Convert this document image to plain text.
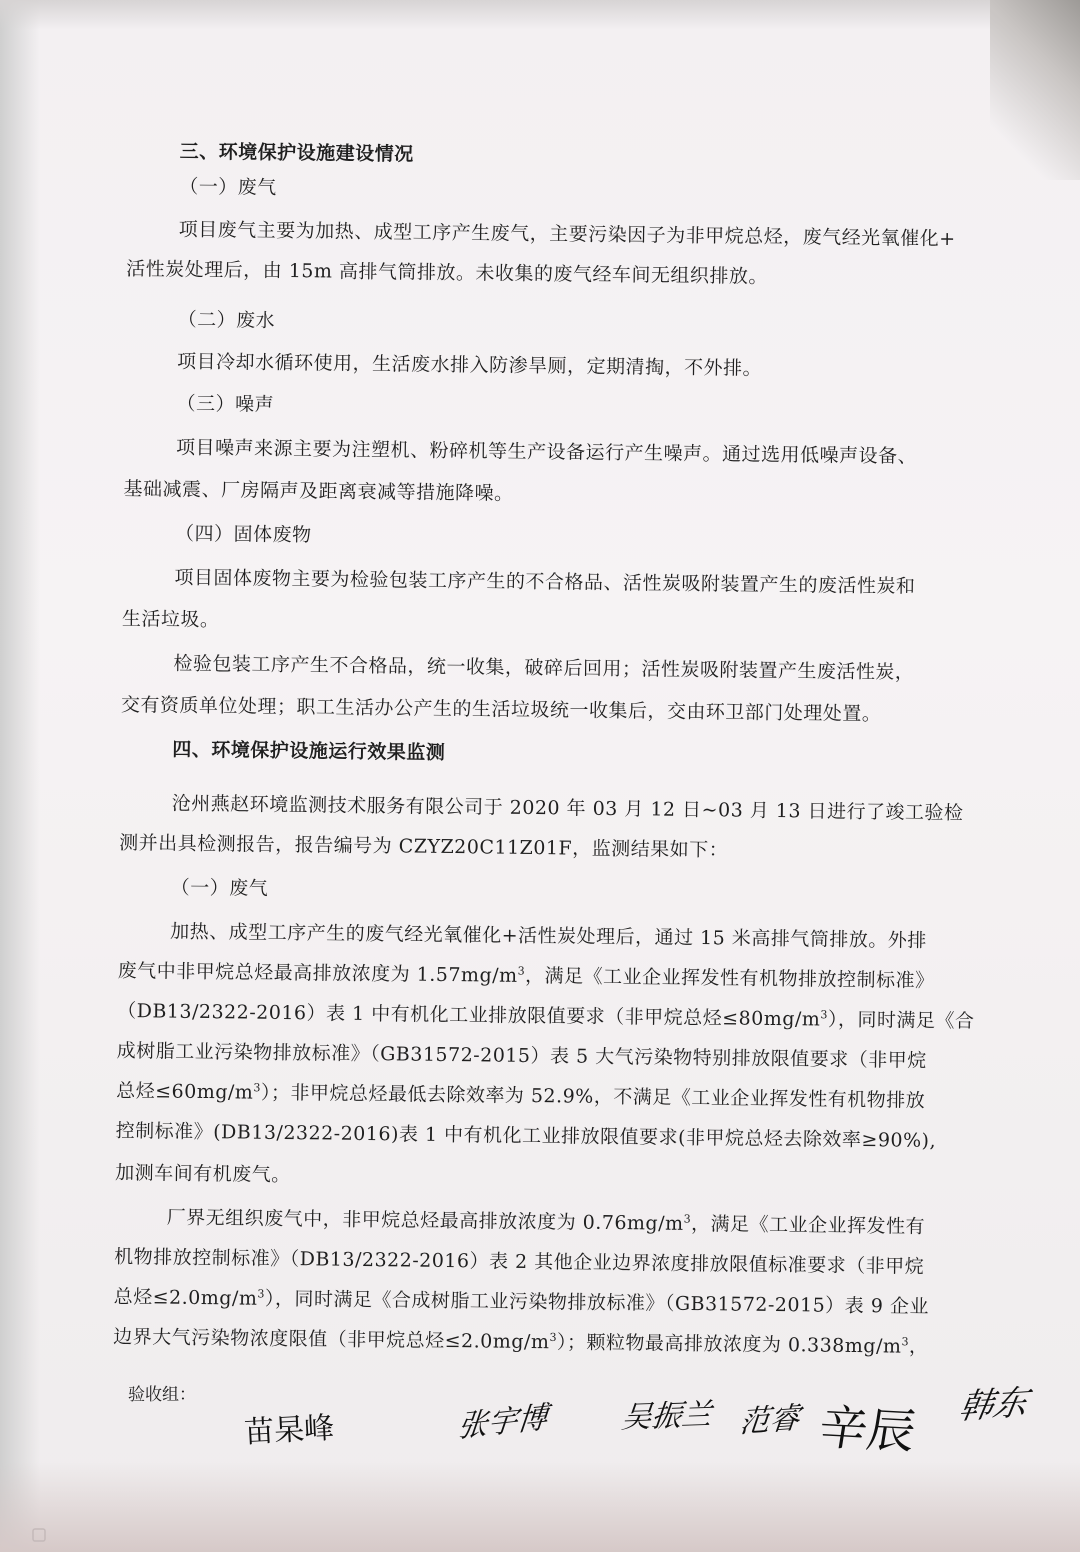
三、环境保护设施建设情况
（一）废气
项目废气主要为加热、成型工序产生废气，主要污染因子为非甲烷总烃，废气经光氧催化+
活性炭处理后，由 15m 高排气筒排放。未收集的废气经车间无组织排放。
（二）废水
项目冷却水循环使用，生活废水排入防渗旱厕，定期清掏，不外排。
（三）噪声
项目噪声来源主要为注塑机、粉碎机等生产设备运行产生噪声。通过选用低噪声设备、
基础减震、厂房隔声及距离衰减等措施降噪。
（四）固体废物
项目固体废物主要为检验包装工序产生的不合格品、活性炭吸附装置产生的废活性炭和
生活垃圾。
检验包装工序产生不合格品，统一收集，破碎后回用；活性炭吸附装置产生废活性炭，
交有资质单位处理；职工生活办公产生的生活垃圾统一收集后，交由环卫部门处理处置。
四、环境保护设施运行效果监测
沧州燕赵环境监测技术服务有限公司于 2020 年 03 月 12 日~03 月 13 日进行了竣工验检
测并出具检测报告，报告编号为 CZYZ20C11Z01F，监测结果如下：
（一）废气
加热、成型工序产生的废气经光氧催化+活性炭处理后，通过 15 米高排气筒排放。外排
废气中非甲烷总烃最高排放浓度为 $1.57mg/m^3$，满足《工业企业挥发性有机物排放控制标准》
（DB13/2322-2016）表 1 中有机化工业排放限值要求（非甲烷总烃$\le 80mg/m^3$），同时满足《合
成树脂工业污染物排放标准》（GB31572-2015）表 5 大气污染物特别排放限值要求（非甲烷
总烃$\le 60mg/m^3$）；非甲烷总烃最低去除效率为 52.9%，不满足《工业企业挥发性有机物排放
控制标准》(DB13/2322-2016)表 1 中有机化工业排放限值要求(非甲烷总烃去除效率≥90%),
加测车间有机废气。
厂界无组织废气中，非甲烷总烃最高排放浓度为 $0.76mg/m^3$，满足《工业企业挥发性有
机物排放控制标准》（DB13/2322-2016）表 2 其他企业边界浓度排放限值标准要求（非甲烷
总烃$\le 2.0mg/m^3$），同时满足《合成树脂工业污染物排放标准》（GB31572-2015）表 9 企业
边界大气污染物浓度限值（非甲烷总烃$\le 2.0mg/m^3$）；颗粒物最高排放浓度为 $0.338mg/m^3$，
验收组：
苗杲峰	张宇博 吴振兰 范睿 辛辰 韩东
